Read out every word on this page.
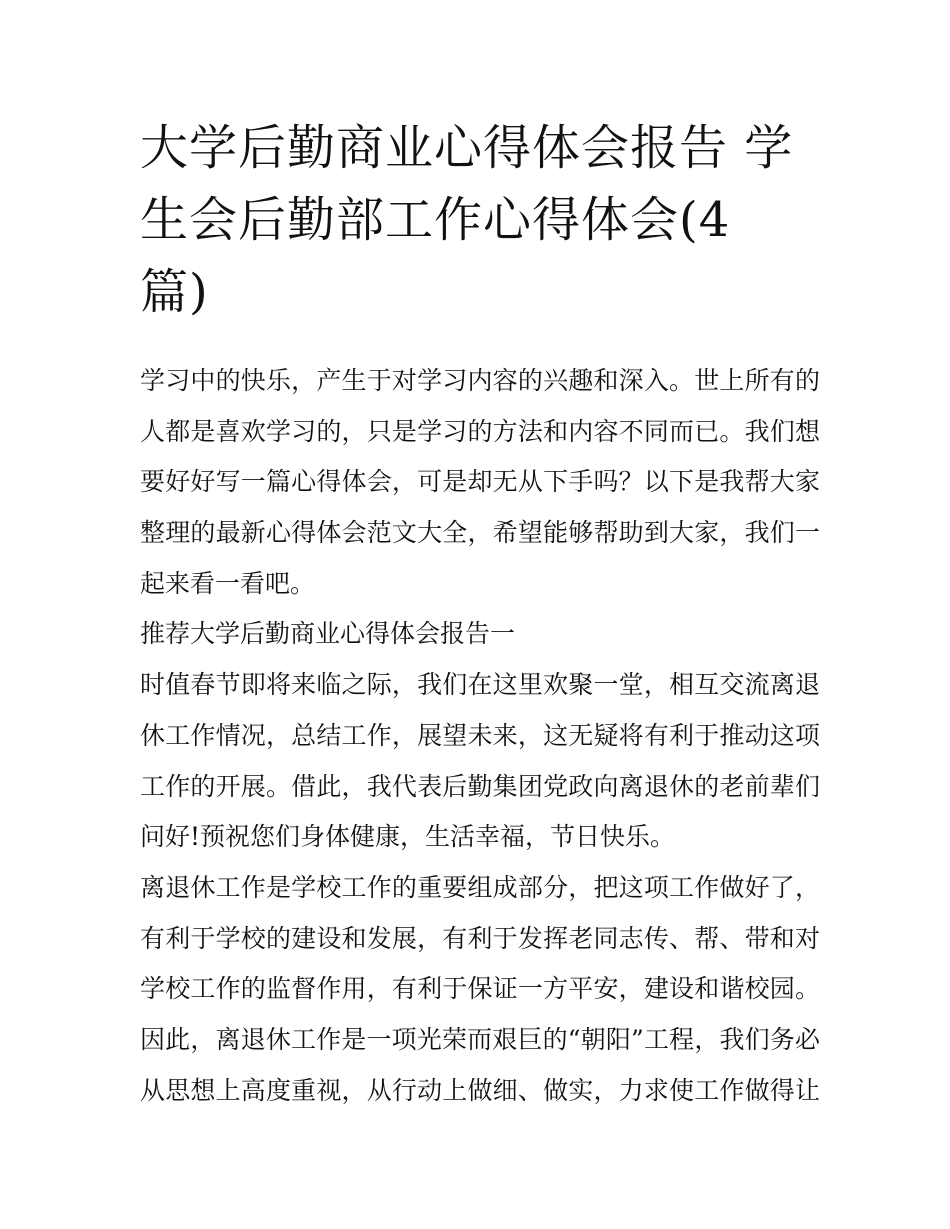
大学后勤商业心得体会报告 学
生会后勤部工作心得体会(4
篇)
学习中的快乐，产生于对学习内容的兴趣和深入。世上所有的
人都是喜欢学习的，只是学习的方法和内容不同而已。我们想
要好好写一篇心得体会，可是却无从下手吗？以下是我帮大家
整理的最新心得体会范文大全，希望能够帮助到大家，我们一
起来看一看吧。
推荐大学后勤商业心得体会报告一
时值春节即将来临之际，我们在这里欢聚一堂，相互交流离退
休工作情况，总结工作，展望未来，这无疑将有利于推动这项
工作的开展。借此，我代表后勤集团党政向离退休的老前辈们
问好!预祝您们身体健康，生活幸福，节日快乐。
离退休工作是学校工作的重要组成部分，把这项工作做好了，
有利于学校的建设和发展，有利于发挥老同志传、帮、带和对
学校工作的监督作用，有利于保证一方平安，建设和谐校园。
因此，离退休工作是一项光荣而艰巨的“朝阳”工程，我们务必
从思想上高度重视，从行动上做细、做实，力求使工作做得让
